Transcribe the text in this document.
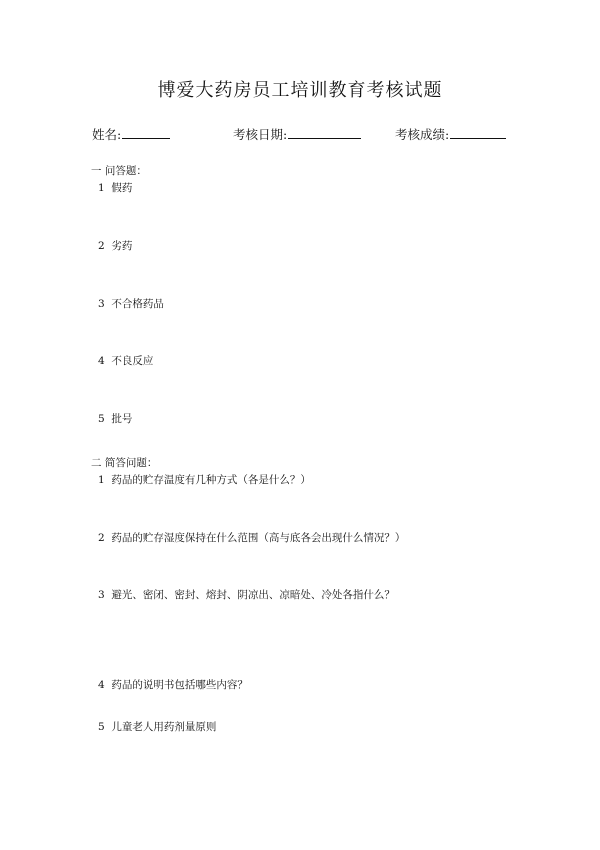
博爱大药房员工培训教育考核试题
姓名:	考核日期:	考核成绩:
一 问答题：
1 假药
2 劣药
3 不合格药品
4 不良反应
5 批号
二 简答问题：
1 药品的贮存温度有几种方式（各是什么？）
2 药品的贮存湿度保持在什么范围（高与底各会出现什么情况？）
3 避光、密闭、密封、熔封、阴凉出、凉暗处、冷处各指什么？
4 药品的说明书包括哪些内容？
5 儿童老人用药剂量原则
